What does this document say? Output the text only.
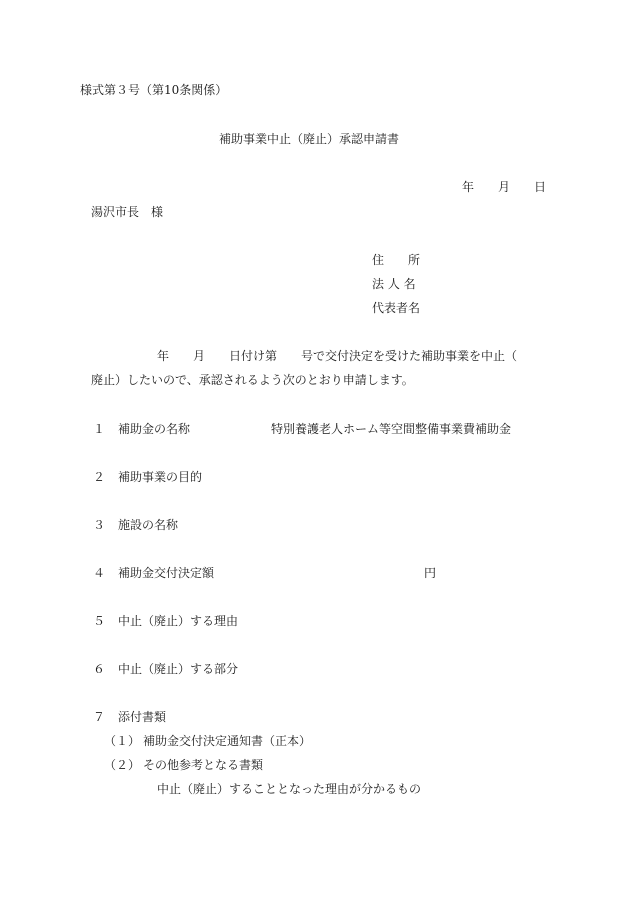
様式第３号（第10条関係）

補助事業中止（廃止）承認申請書

年　　月　　日

湯沢市長　様

住　　所

法 人 名

代表者名

年　　月　　日付け第　　号で交付決定を受けた補助事業を中止（

廃止）したいので、承認されるよう次のとおり申請します。

１ 補助金の名称	特別養護老人ホーム等空間整備事業費補助金

２ 補助事業の目的

３ 施設の名称

４ 補助金交付決定額	円

５ 中止（廃止）する理由

６ 中止（廃止）する部分

７ 添付書類

（１） 補助金交付決定通知書（正本）

（２） その他参考となる書類

中止（廃止）することとなった理由が分かるもの
